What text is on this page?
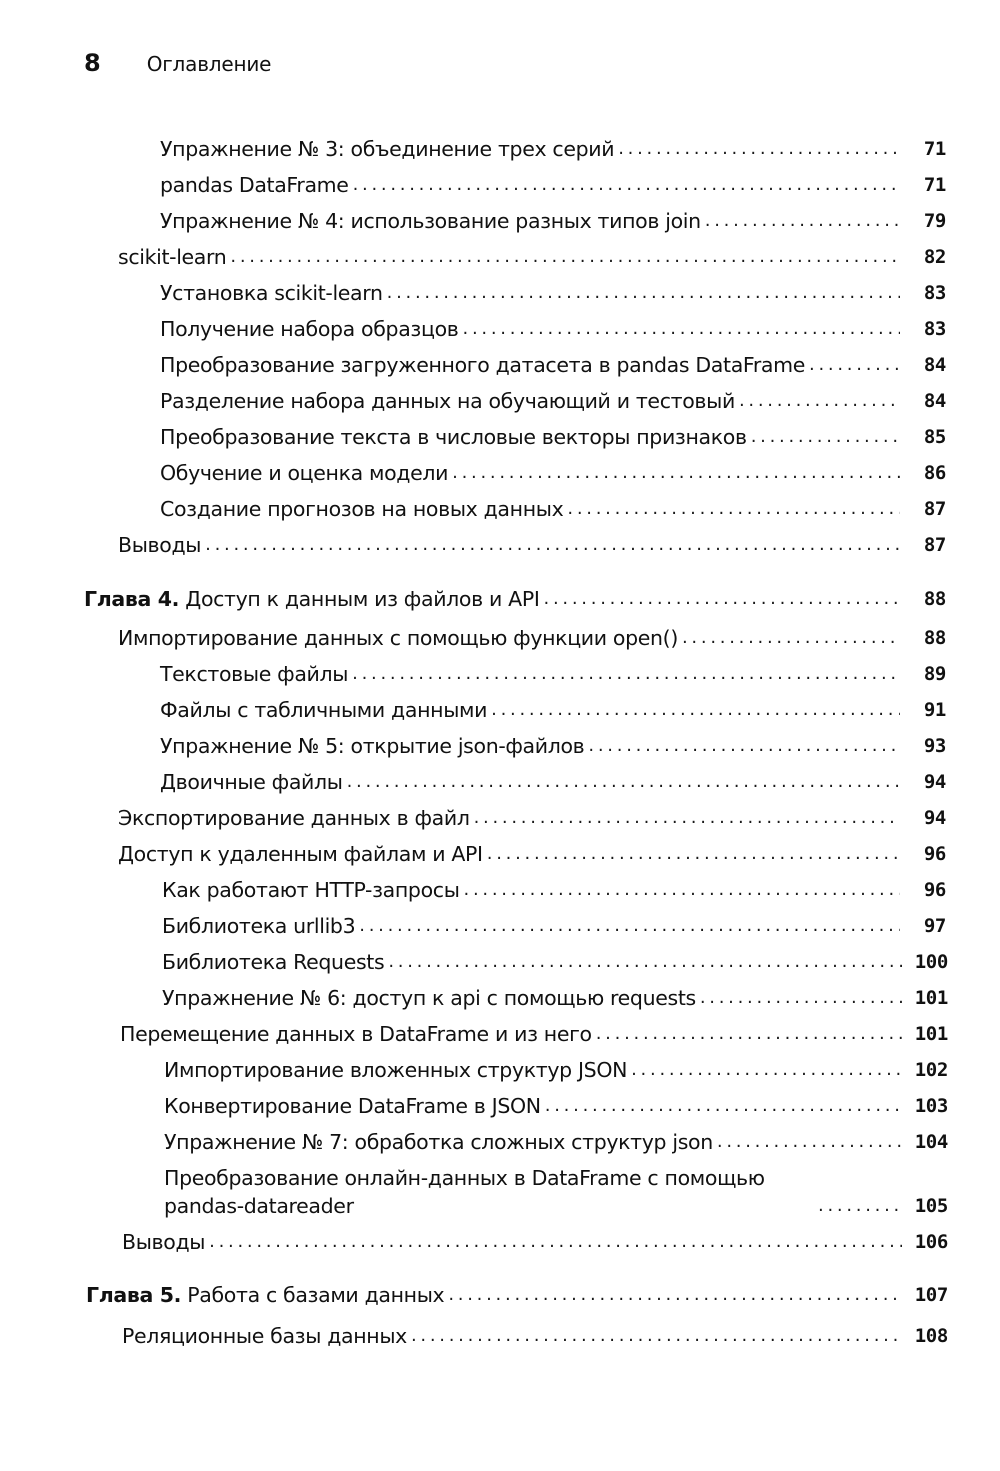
8 Оглавление
Упражнение № 3: объединение трех серий . . .	71
pandas DataFrame . . .	71
Упражнение № 4: использование разных типов join . . .	79
scikit-learn . . .	82
Установка scikit-learn . . .	83
Получение набора образцов . . .	83
Преобразование загруженного датасета в pandas DataFrame . . .	84
Разделение набора данных на обучающий и тестовый . . .	84
Преобразование текста в числовые векторы признаков . . .	85
Обучение и оценка модели . . .	86
Создание прогнозов на новых данных . . .	87
Выводы . . .	87
Глава 4. Доступ к данным из файлов и API . . .	88
Импортирование данных с помощью функции open() . . .	88
Текстовые файлы . . .	89
Файлы с табличными данными . . .	91
Упражнение № 5: открытие json-файлов . . .	93
Двоичные файлы . . .	94
Экспортирование данных в файл . . .	94
Доступ к удаленным файлам и API . . .	96
Как работают HTTP-запросы . . .	96
Библиотека urllib3 . . .	97
Библиотека Requests . . .	100
Упражнение № 6: доступ к api с помощью requests . . .	101
Перемещение данных в DataFrame и из него . . .	101
Импортирование вложенных структур JSON . . .	102
Конвертирование DataFrame в JSON . . .	103
Упражнение № 7: обработка сложных структур json . . .	104
Преобразование онлайн-данных в DataFrame с помощью pandas-datareader . . .	105
Выводы . . .	106
Глава 5. Работа с базами данных . . .	107
Реляционные базы данных . . .	108
